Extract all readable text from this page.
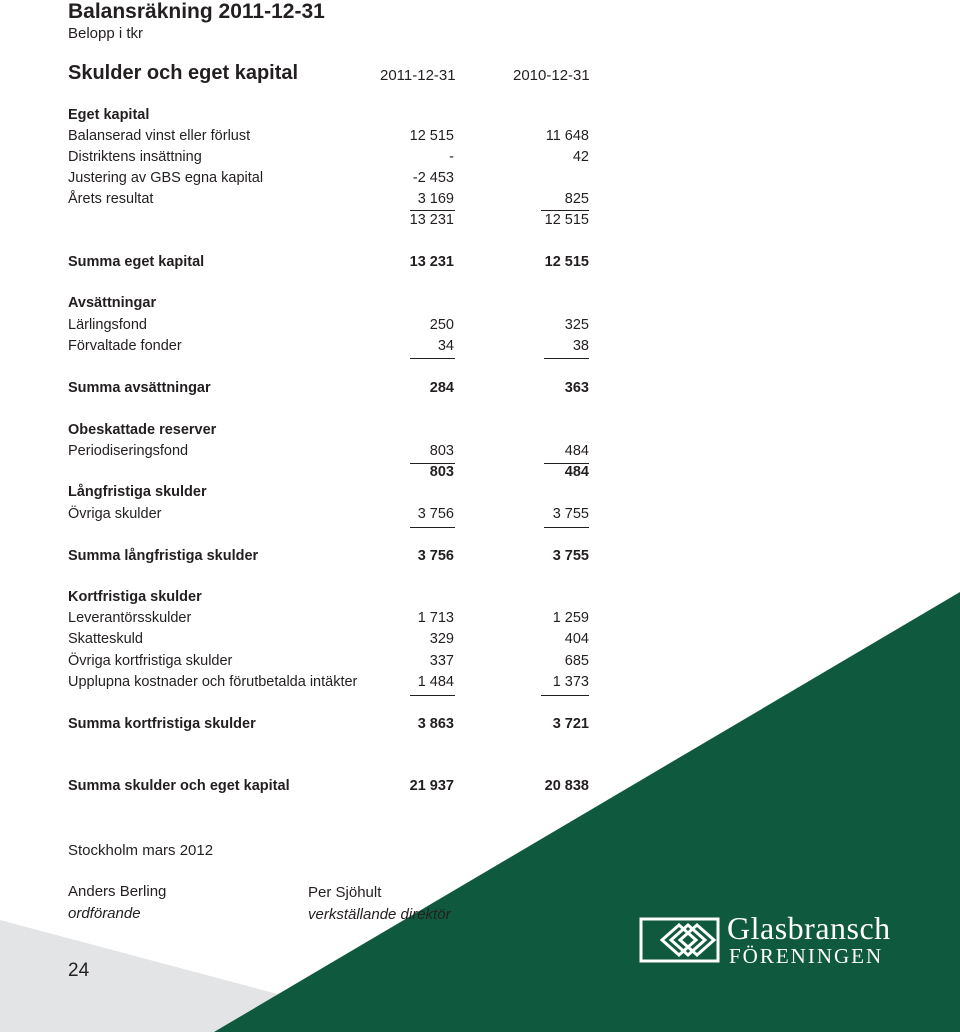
Balansräkning 2011-12-31
Belopp i tkr
Skulder och eget kapital	2011-12-31	2010-12-31
Eget kapital
Balanserad vinst eller förlust	12 515	11 648
Distriktens insättning	-	42
Justering av GBS egna kapital	-2 453
Årets resultat	3 169	825
13 231	12 515
Summa eget kapital	13 231	12 515
Avsättningar
Lärlingsfond	250	325
Förvaltade fonder	34	38
Summa avsättningar	284	363
Obeskattade reserver
Periodiseringsfond	803	484
803	484
Långfristiga skulder
Övriga skulder	3 756	3 755
Summa långfristiga skulder	3 756	3 755
Kortfristiga skulder
Leverantörsskulder	1 713	1 259
Skatteskuld	329	404
Övriga kortfristiga skulder	337	685
Upplupna kostnader och förutbetalda intäkter	1 484	1 373
Summa kortfristiga skulder	3 863	3 721
Summa skulder och eget kapital	21 937	20 838
Stockholm mars 2012
Anders Berling
ordförande
Per Sjöhult
verkställande direktör
24
Glasbransch
FÖRENINGEN
